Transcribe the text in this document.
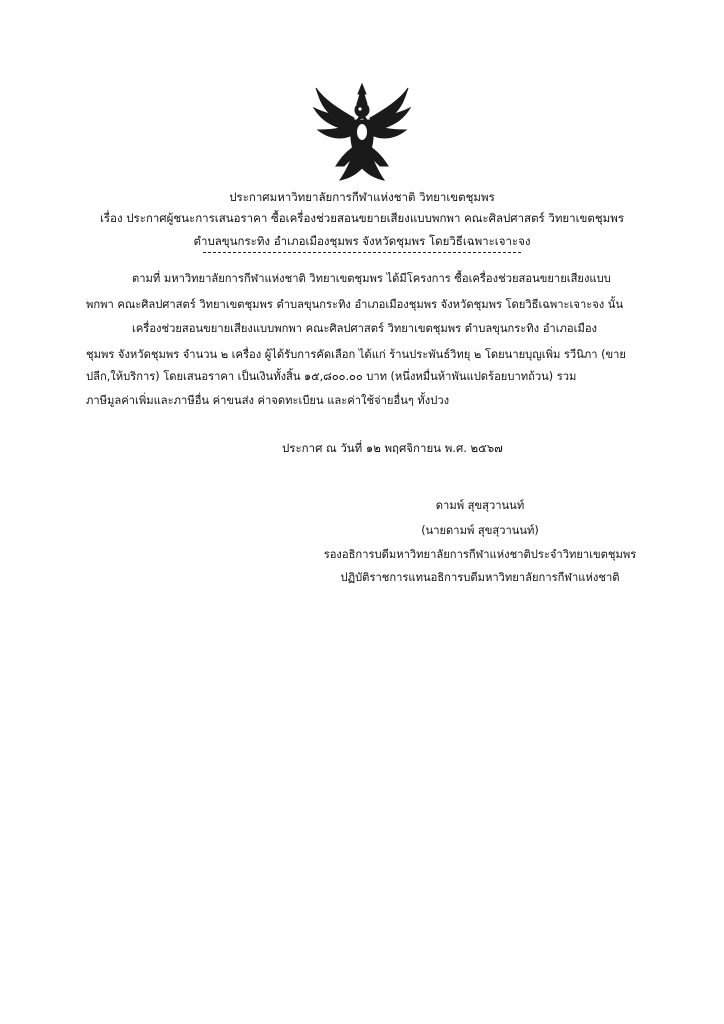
ประกาศมหาวิทยาลัยการกีฬาแห่งชาติ วิทยาเขตชุมพร
เรื่อง ประกาศผู้ชนะการเสนอราคา ซื้อเครื่องช่วยสอนขยายเสียงแบบพกพา คณะศิลปศาสตร์ วิทยาเขตชุมพร
ตำบลขุนกระทิง อำเภอเมืองชุมพร จังหวัดชุมพร โดยวิธีเฉพาะเจาะจง
ตามที่ มหาวิทยาลัยการกีฬาแห่งชาติ วิทยาเขตชุมพร ได้มีโครงการ ซื้อเครื่องช่วยสอนขยายเสียงแบบ
พกพา คณะศิลปศาสตร์ วิทยาเขตชุมพร ตำบลขุนกระทิง อำเภอเมืองชุมพร จังหวัดชุมพร โดยวิธีเฉพาะเจาะจง นั้น
เครื่องช่วยสอนขยายเสียงแบบพกพา คณะศิลปศาสตร์ วิทยาเขตชุมพร ตำบลขุนกระทิง อำเภอเมือง
ชุมพร จังหวัดชุมพร จำนวน ๒ เครื่อง ผู้ได้รับการคัดเลือก ได้แก่ ร้านประพันธ์วิทยุ ๒ โดยนายบุญเพิ่ม รวีนิภา (ขาย
ปลีก,ให้บริการ) โดยเสนอราคา เป็นเงินทั้งสิ้น ๑๕,๘๐๐.๐๐ บาท (หนึ่งหมื่นห้าพันแปดร้อยบาทถ้วน) รวม
ภาษีมูลค่าเพิ่มและภาษีอื่น ค่าขนส่ง ค่าจดทะเบียน และค่าใช้จ่ายอื่นๆ ทั้งปวง
ประกาศ ณ วันที่ ๑๒ พฤศจิกายน พ.ศ. ๒๕๖๗
ดามพ์ สุขสุวานนท์
(นายดามพ์ สุขสุวานนท์)
รองอธิการบดีมหาวิทยาลัยการกีฬาแห่งชาติประจำวิทยาเขตชุมพร
ปฏิบัติราชการแทนอธิการบดีมหาวิทยาลัยการกีฬาแห่งชาติ
